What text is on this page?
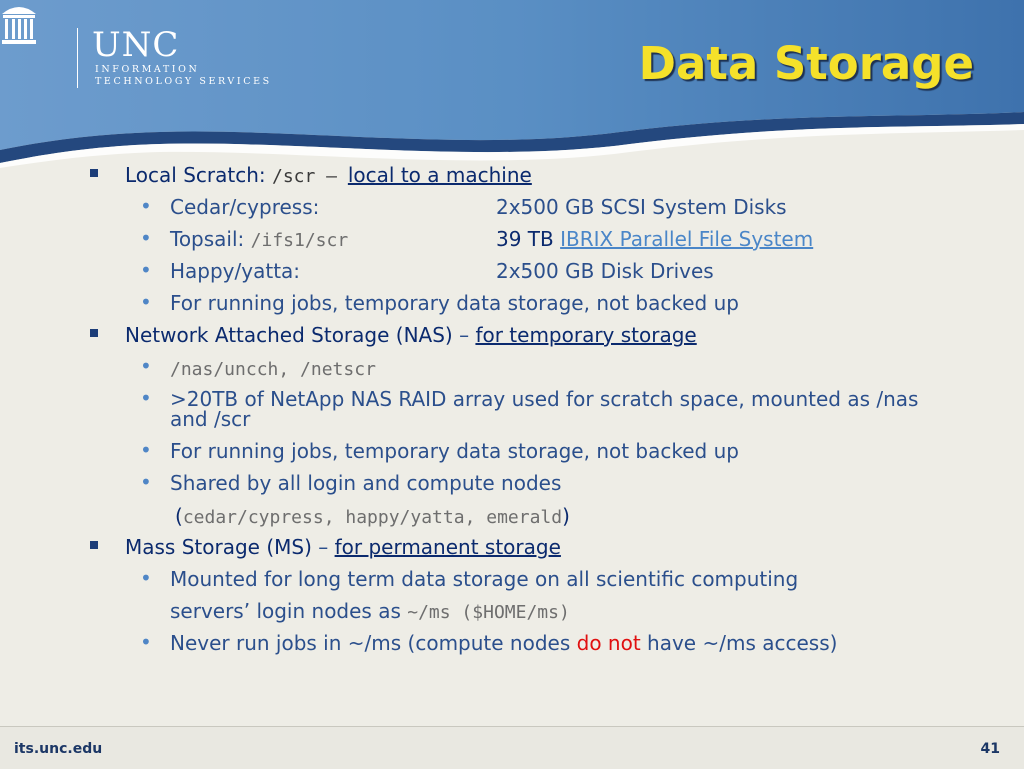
UNC
INFORMATION
TECHNOLOGY SERVICES	Data Storage
Local Scratch: /scr – local to a machine
• Cedar/cypress:	2x500 GB SCSI System Disks
• Topsail: /ifs1/scr	39 TB IBRIX Parallel File System
• Happy/yatta:	2x500 GB Disk Drives
• For running jobs, temporary data storage, not backed up
Network Attached Storage (NAS) – for temporary storage
• /nas/uncch, /netscr
• >20TB of NetApp NAS RAID array used for scratch space, mounted as /nas
and /scr
• For running jobs, temporary data storage, not backed up
• Shared by all login and compute nodes
(cedar/cypress, happy/yatta, emerald)
Mass Storage (MS) – for permanent storage
• Mounted for long term data storage on all scientific computing
servers’ login nodes as ~/ms ($HOME/ms)
• Never run jobs in ~/ms (compute nodes do not have ~/ms access)
its.unc.edu	41
